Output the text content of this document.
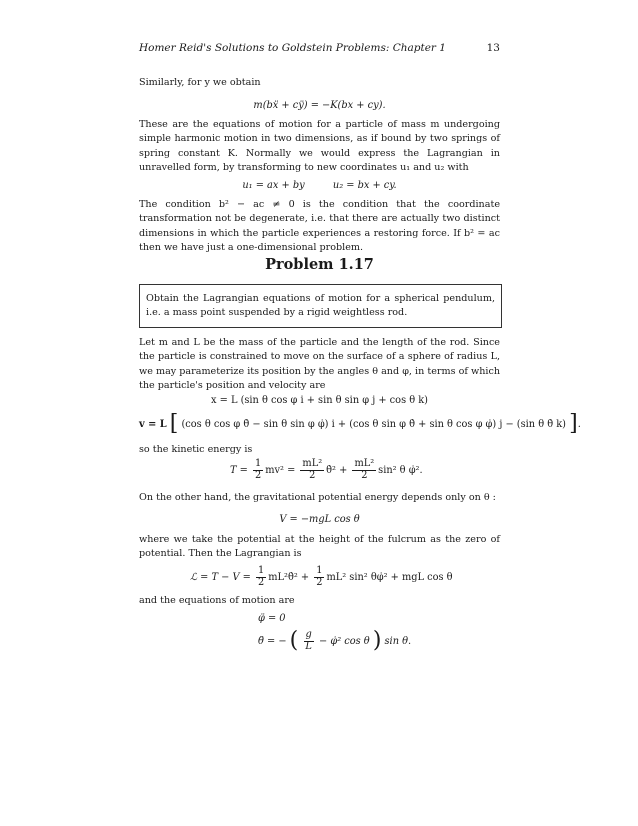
Homer Reid's Solutions to Goldstein Problems: Chapter 1	13
Similarly, for y we obtain
m(bẍ + cÿ) = −K(bx + cy).
These are the equations of motion for a particle of mass m undergoing simple harmonic motion in two dimensions, as if bound by two springs of spring constant K. Normally we would express the Lagrangian in unravelled form, by transforming to new coordinates u₁ and u₂ with
u₁ = ax + by	u₂ = bx + cy.
The condition b² − ac ≠ 0 is the condition that the coordinate transformation not be degenerate, i.e. that there are actually two distinct dimensions in which the particle experiences a restoring force. If b² = ac then we have just a one-dimensional problem.
Problem 1.17
Obtain the Lagrangian equations of motion for a spherical pendulum, i.e. a mass point suspended by a rigid weightless rod.
Let m and L be the mass of the particle and the length of the rod. Since the particle is constrained to move on the surface of a sphere of radius L, we may parameterize its position by the angles θ and φ, in terms of which the particle's position and velocity are
x = L (sin θ cos φ i + sin θ sin φ j + cos θ k)
v = L [ (cos θ cos φ θ̇ − sin θ sin φ φ̇) i + (cos θ sin φ θ̇ + sin θ cos φ φ̇) j − (sin θ θ̇ k) ].
so the kinetic energy is
$T = \frac{1}{2} mv^2 = \frac{\text{mL²}}{2}$ θ̇² + $\frac{\text{mL²}}{2} \sin^2$ θ φ̇².
On the other hand, the gravitational potential energy depends only on θ :
V = −mgL cos θ
where we take the potential at the height of the fulcrum as the zero of potential. Then the Lagrangian is
ℒ = $T - V = \frac{1}{2}$ mL²θ̇² + $\frac{1}{2} mL^2$ sin² θφ̇² + mgL cos θ
and the equations of motion are
φ̈ = 0
θ̈ = − ( $\frac{g}{L}$ − φ̇² cos θ ) sin θ.
